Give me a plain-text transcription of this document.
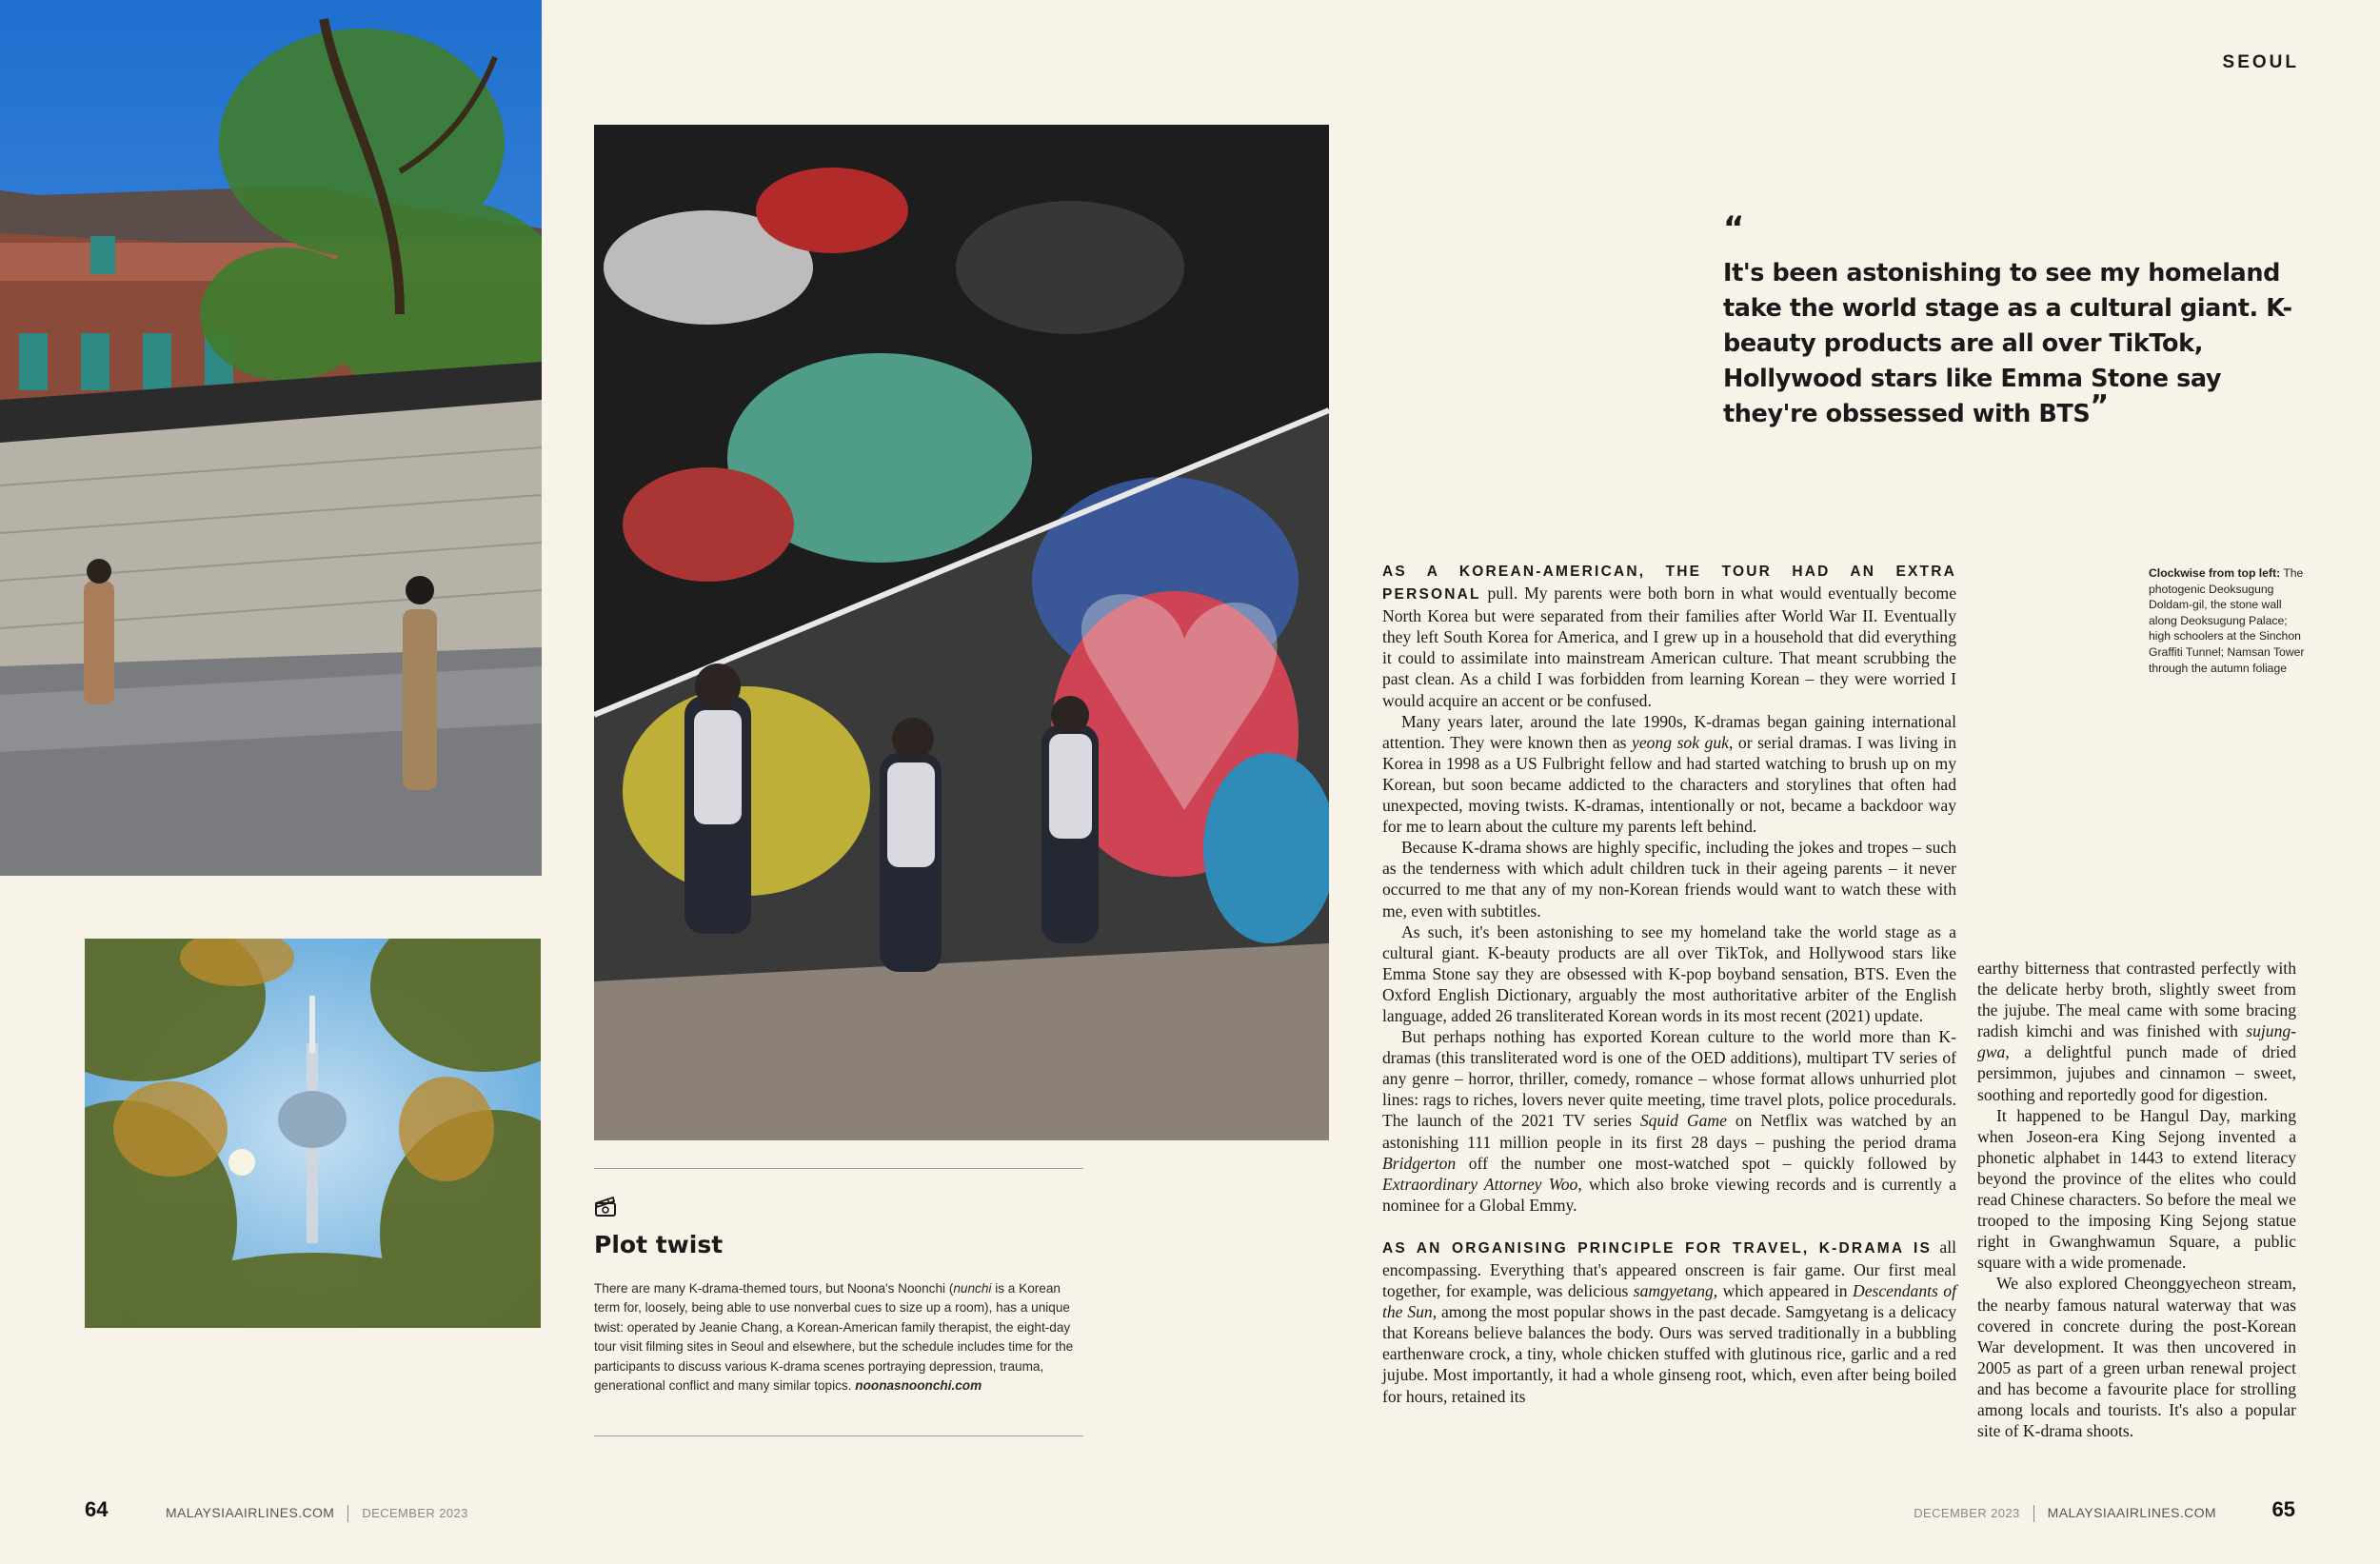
SEOUL
“
It's been astonishing to see my homeland take the world stage as a cultural giant. K-beauty products are all over TikTok, Hollywood stars like Emma Stone say they're obssessed with BTS”
Clockwise from top left: The photogenic Deoksugung Doldam-gil, the stone wall along Deoksugung Palace; high schoolers at the Sinchon Graffiti Tunnel; Namsan Tower through the autumn foliage

AS A KOREAN-AMERICAN, THE TOUR HAD AN EXTRA PERSONAL pull. My parents were both born in what would eventually become North Korea but were separated from their families after World War II. Eventually they left South Korea for America, and I grew up in a household that did everything it could to assimilate into mainstream American culture. That meant scrubbing the past clean. As a child I was forbidden from learning Korean – they were worried I would acquire an accent or be confused.

Many years later, around the late 1990s, K-dramas began gaining international attention. They were known then as yeong sok guk, or serial dramas. I was living in Korea in 1998 as a US Fulbright fellow and had started watching to brush up on my Korean, but soon became addicted to the characters and storylines that often had unexpected, moving twists. K-dramas, intentionally or not, became a backdoor way for me to learn about the culture my parents left behind.

Because K-drama shows are highly specific, including the jokes and tropes – such as the tenderness with which adult children tuck in their ageing parents – it never occurred to me that any of my non-Korean friends would want to watch these with me, even with subtitles.

As such, it's been astonishing to see my homeland take the world stage as a cultural giant. K-beauty products are all over TikTok, and Hollywood stars like Emma Stone say they are obsessed with K-pop boyband sensation, BTS. Even the Oxford English Dictionary, arguably the most authoritative arbiter of the English language, added 26 transliterated Korean words in its most recent (2021) update.

But perhaps nothing has exported Korean culture to the world more than K-dramas (this transliterated word is one of the OED additions), multipart TV series of any genre – horror, thriller, comedy, romance – whose format allows unhurried plot lines: rags to riches, lovers never quite meeting, time travel plots, police procedurals. The launch of the 2021 TV series Squid Game on Netflix was watched by an astonishing 111 million people in its first 28 days – pushing the period drama Bridgerton off the number one most-watched spot – quickly followed by Extraordinary Attorney Woo, which also broke viewing records and is currently a nominee for a Global Emmy.

AS AN ORGANISING PRINCIPLE FOR TRAVEL, K-DRAMA IS all encompassing. Everything that's appeared onscreen is fair game. Our first meal together, for example, was delicious samgyetang, which appeared in Descendants of the Sun, among the most popular shows in the past decade. Samgyetang is a delicacy that Koreans believe balances the body. Ours was served traditionally in a bubbling earthenware crock, a tiny, whole chicken stuffed with glutinous rice, garlic and a red jujube. Most importantly, it had a whole ginseng root, which, even after being boiled for hours, retained its

earthy bitterness that contrasted perfectly with the delicate herby broth, slightly sweet from the jujube. The meal came with some bracing radish kimchi and was finished with sujung-gwa, a delightful punch made of dried persimmon, jujubes and cinnamon – sweet, soothing and reportedly good for digestion.

It happened to be Hangul Day, marking when Joseon-era King Sejong invented a phonetic alphabet in 1443 to extend literacy beyond the province of the elites who could read Chinese characters. So before the meal we trooped to the imposing King Sejong statue right in Gwanghwamun Square, a public square with a wide promenade.

We also explored Cheonggyecheon stream, the nearby famous natural waterway that was covered in concrete during the post-Korean War development. It was then uncovered in 2005 as part of a green urban renewal project and has become a favourite place for strolling among locals and tourists. It's also a popular site of K-drama shoots.

Plot twist
There are many K-drama-themed tours, but Noona's Noonchi (nunchi is a Korean term for, loosely, being able to use nonverbal cues to size up a room), has a unique twist: operated by Jeanie Chang, a Korean-American family therapist, the eight-day tour visit filming sites in Seoul and elsewhere, but the schedule includes time for the participants to discuss various K-drama scenes portraying depression, trauma, generational conflict and many similar topics. noonasnoonchi.com
64	MALAYSIAAIRLINES.COM DECEMBER 2023	DECEMBER 2023 MALAYSIAAIRLINES.COM	65
